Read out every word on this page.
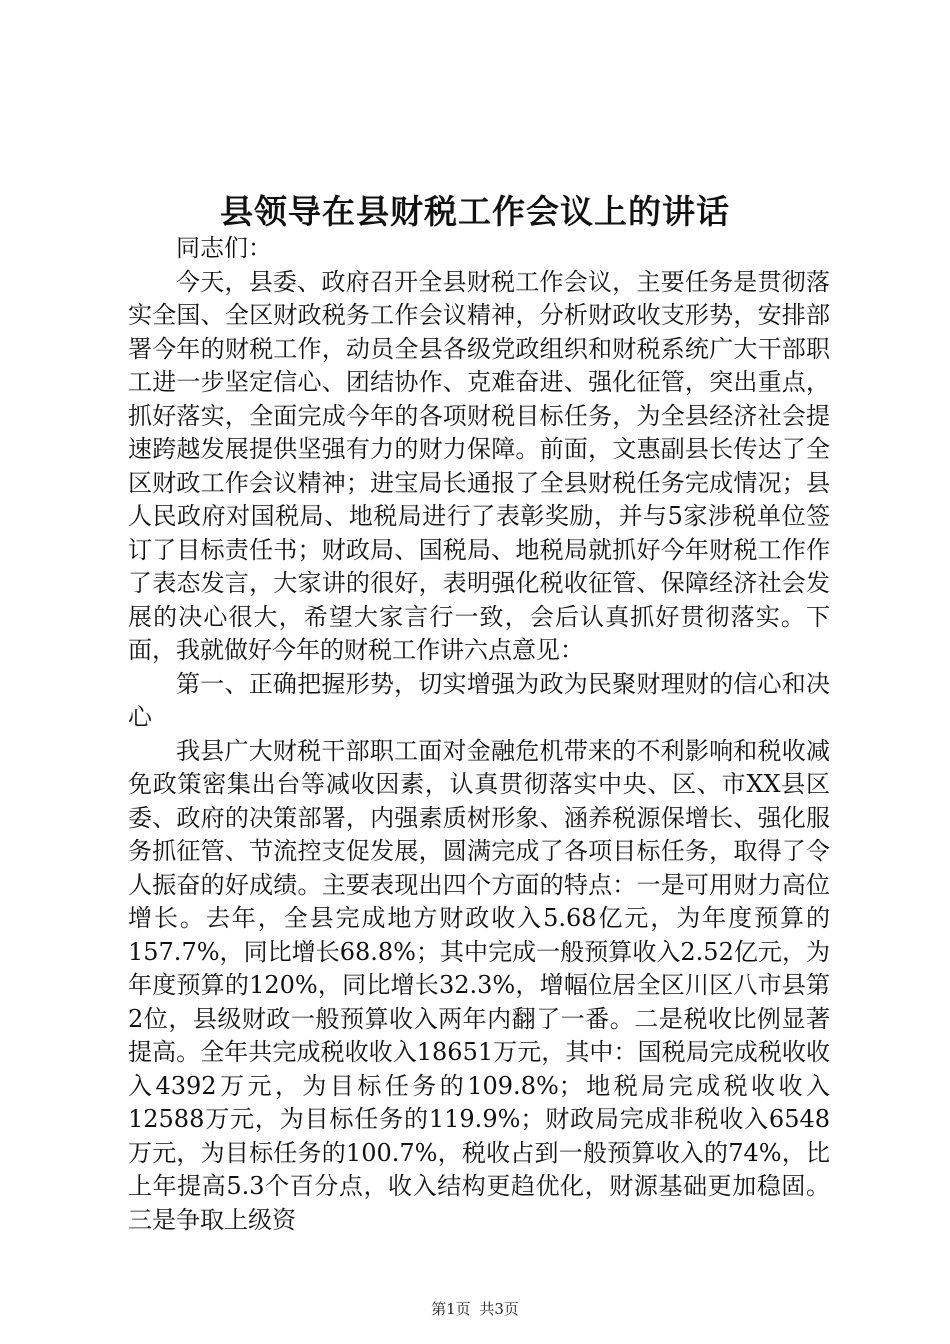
县领导在县财税工作会议上的讲话

同志们：

今天，县委、政府召开全县财税工作会议，主要任务是贯彻落实全国、全区财政税务工作会议精神，分析财政收支形势，安排部署今年的财税工作，动员全县各级党政组织和财税系统广大干部职工进一步坚定信心、团结协作、克难奋进、强化征管，突出重点，抓好落实，全面完成今年的各项财税目标任务，为全县经济社会提速跨越发展提供坚强有力的财力保障。前面，文惠副县长传达了全区财政工作会议精神；进宝局长通报了全县财税任务完成情况；县人民政府对国税局、地税局进行了表彰奖励，并与5家涉税单位签订了目标责任书；财政局、国税局、地税局就抓好今年财税工作作了表态发言，大家讲的很好，表明强化税收征管、保障经济社会发展的决心很大，希望大家言行一致，会后认真抓好贯彻落实。下面，我就做好今年的财税工作讲六点意见：

第一、正确把握形势，切实增强为政为民聚财理财的信心和决心

我县广大财税干部职工面对金融危机带来的不利影响和税收减免政策密集出台等减收因素，认真贯彻落实中央、区、市XX县区委、政府的决策部署，内强素质树形象、涵养税源保增长、强化服务抓征管、节流控支促发展，圆满完成了各项目标任务，取得了令人振奋的好成绩。主要表现出四个方面的特点：一是可用财力高位增长。去年，全县完成地方财政收入5.68亿元，为年度预算的157.7%，同比增长68.8%；其中完成一般预算收入2.52亿元，为年度预算的120%，同比增长32.3%，增幅位居全区川区八市县第2位，县级财政一般预算收入两年内翻了一番。二是税收比例显著提高。全年共完成税收收入18651万元，其中：国税局完成税收收入4392万元，为目标任务的109.8%；地税局完成税收收入12588万元，为目标任务的119.9%；财政局完成非税收入6548万元，为目标任务的100.7%，税收占到一般预算收入的74%，比上年提高5.3个百分点，收入结构更趋优化，财源基础更加稳固。三是争取上级资

第1页 共3页
